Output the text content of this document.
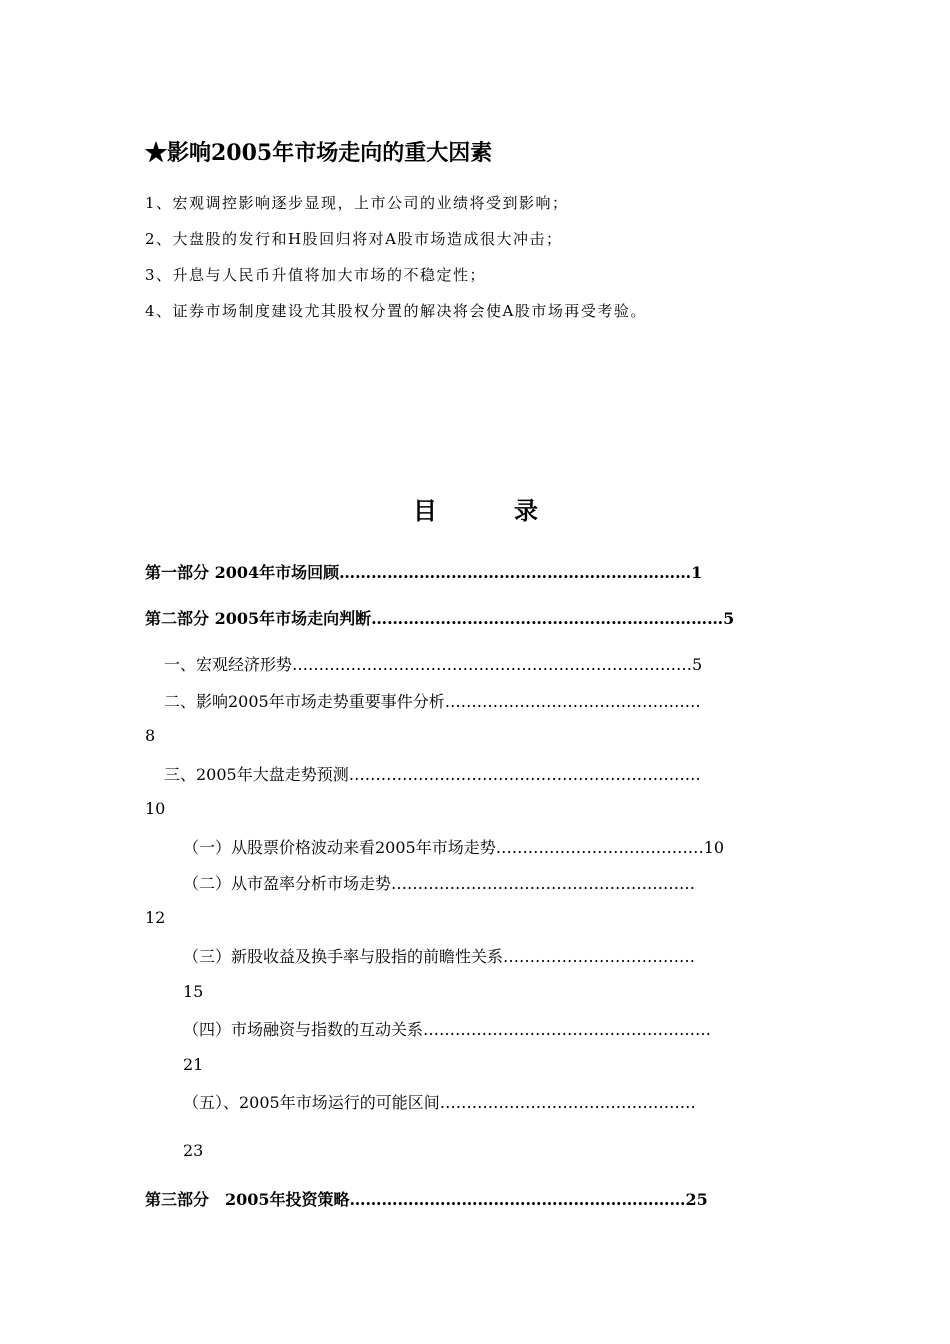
★影响2005年市场走向的重大因素
1、宏观调控影响逐步显现，上市公司的业绩将受到影响；
2、大盘股的发行和H股回归将对A股市场造成很大冲击；
3、升息与人民币升值将加大市场的不稳定性；
4、证券市场制度建设尤其股权分置的解决将会使A股市场再受考验。
目	录
第一部分 2004年市场回顾…………………………………………………………1
第二部分 2005年市场走向判断…………………………………………………………5
一、宏观经济形势…………………………………………………………………5
二、影响2005年市场走势重要事件分析…………………………………………
8
三、2005年大盘走势预测…………………………………………………………
10
（一）从股票价格波动来看2005年市场走势…………………………………10
（二）从市盈率分析市场走势…………………………………………………
12
（三）新股收益及换手率与股指的前瞻性关系………………………………
15
（四）市场融资与指数的互动关系………………………………………………
21
（五）、2005年市场运行的可能区间…………………………………………
23
第三部分　2005年投资策略………………………………………………………25
